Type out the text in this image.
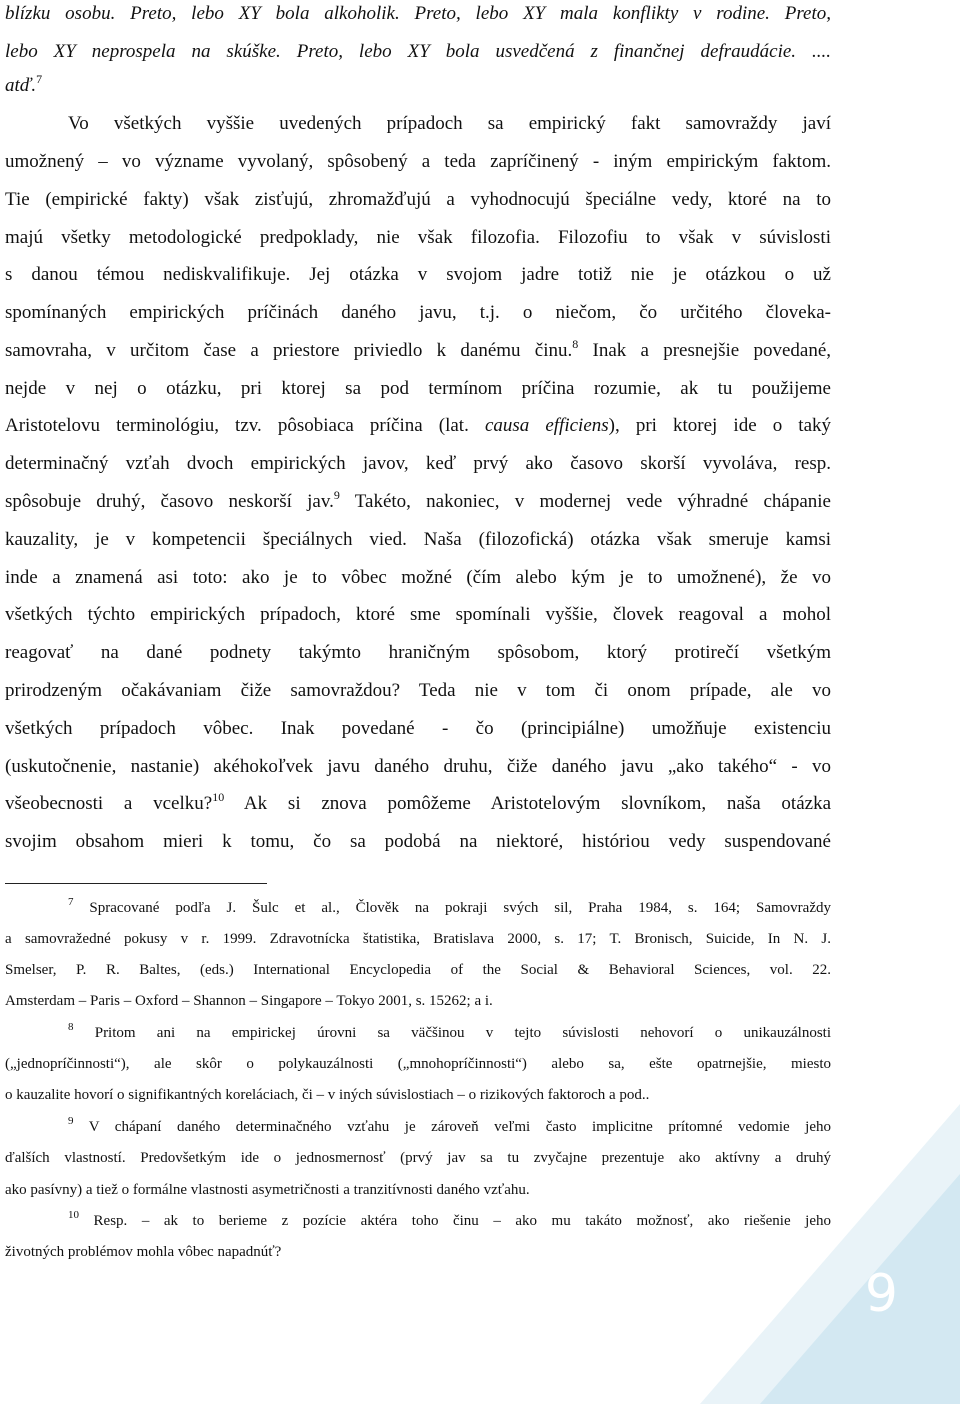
blízku osobu. Preto, lebo XY bola alkoholik. Preto, lebo XY mala konflikty v rodine. Preto,
lebo XY neprospela na skúške. Preto, lebo XY bola usvedčená z finančnej defraudácie. ....
atď.$^7$
Vo všetkých vyššie uvedených prípadoch sa empirický fakt samovraždy javí
umožnený – vo význame vyvolaný, spôsobený a teda zapríčinený - iným empirickým faktom.
Tie (empirické fakty) však zisťujú, zhromažďujú a vyhodnocujú špeciálne vedy, ktoré na to
majú všetky metodologické predpoklady, nie však filozofia. Filozofiu to však v súvislosti
s danou témou nediskvalifikuje. Jej otázka v svojom jadre totiž nie je otázkou o už
spomínaných empirických príčinách daného javu, t.j. o niečom, čo určitého človeka-
samovraha, v určitom čase a priestore priviedlo k danému činu.$^8$ Inak a presnejšie povedané,
nejde v nej o otázku, pri ktorej sa pod termínom príčina rozumie, ak tu použijeme
Aristotelovu terminológiu, tzv. pôsobiaca príčina (lat. causa efficiens), pri ktorej ide o taký
determinačný vzťah dvoch empirických javov, keď prvý ako časovo skorší vyvoláva, resp.
spôsobuje druhý, časovo neskorší jav.$^9$ Takéto, nakoniec, v modernej vede výhradné chápanie
kauzality, je v kompetencii špeciálnych vied. Naša (filozofická) otázka však smeruje kamsi
inde a znamená asi toto: ako je to vôbec možné (čím alebo kým je to umožnené), že vo
všetkých týchto empirických prípadoch, ktoré sme spomínali vyššie, človek reagoval a mohol
reagovať na dané podnety takýmto hraničným spôsobom, ktorý protirečí všetkým
prirodzeným očakávaniam čiže samovraždou? Teda nie v tom či onom prípade, ale vo
všetkých prípadoch vôbec. Inak povedané - čo (principiálne) umožňuje existenciu
(uskutočnenie, nastanie) akéhokoľvek javu daného druhu, čiže daného javu „ako takého“ - vo
všeobecnosti a vcelku?$^{10}$ Ak si znova pomôžeme Aristotelovým slovníkom, naša otázka
svojim obsahom mieri k tomu, čo sa podobá na niektoré, históriou vedy suspendované
$^7$ Spracované podľa J. Šulc et al., Člověk na pokraji svých sil, Praha 1984, s. 164; Samovraždy
a samovražedné pokusy v r. 1999. Zdravotnícka štatistika, Bratislava 2000, s. 17; T. Bronisch, Suicide, In N. J.
Smelser, P. R. Baltes, (eds.) International Encyclopedia of the Social & Behavioral Sciences, vol. 22.
Amsterdam – Paris – Oxford – Shannon – Singapore – Tokyo 2001, s. 15262; a i.
$^8$ Pritom ani na empirickej úrovni sa väčšinou v tejto súvislosti nehovorí o unikauzálnosti
(„jednopríčinnosti“), ale skôr o polykauzálnosti („mnohopríčinnosti“) alebo sa, ešte opatrnejšie, miesto
o kauzalite hovorí o signifikantných koreláciach, či – v iných súvislostiach – o rizikových faktoroch a pod..
$^9$ V chápaní daného determinačného vzťahu je zároveň veľmi často implicitne prítomné vedomie jeho
ďalších vlastností. Predovšetkým ide o jednosmernosť (prvý jav sa tu zvyčajne prezentuje ako aktívny a druhý
ako pasívny) a tiež o formálne vlastnosti asymetričnosti a tranzitívnosti daného vzťahu.
$^{10}$ Resp. – ak to berieme z pozície aktéra toho činu – ako mu takáto možnosť, ako riešenie jeho
životných problémov mohla vôbec napadnúť?
9
